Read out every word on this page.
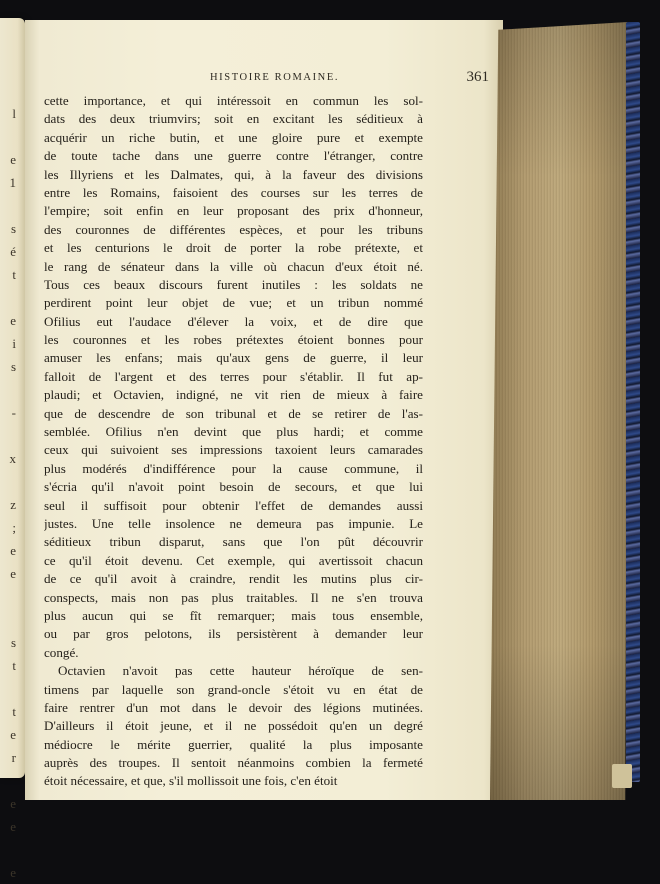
l
e
1
s
é
t
e
i
s
-
x
z
;
e
e
s
t
t
e
r
e
e
e
HISTOIRE ROMAINE.	361
cette importance, et qui intéressoit en commun les sol-
dats des deux triumvirs; soit en excitant les séditieux à
acquérir un riche butin, et une gloire pure et exempte
de toute tache dans une guerre contre l'étranger, contre
les Illyriens et les Dalmates, qui, à la faveur des divisions
entre les Romains, faisoient des courses sur les terres de
l'empire; soit enfin en leur proposant des prix d'honneur,
des couronnes de différentes espèces, et pour les tribuns
et les centurions le droit de porter la robe prétexte, et
le rang de sénateur dans la ville où chacun d'eux étoit né.
Tous ces beaux discours furent inutiles : les soldats ne
perdirent point leur objet de vue; et un tribun nommé
Ofilius eut l'audace d'élever la voix, et de dire que
les couronnes et les robes prétextes étoient bonnes pour
amuser les enfans; mais qu'aux gens de guerre, il leur
falloit de l'argent et des terres pour s'établir. Il fut ap-
plaudi; et Octavien, indigné, ne vit rien de mieux à faire
que de descendre de son tribunal et de se retirer de l'as-
semblée. Ofilius n'en devint que plus hardi; et comme
ceux qui suivoient ses impressions taxoient leurs camarades
plus modérés d'indifférence pour la cause commune, il
s'écria qu'il n'avoit point besoin de secours, et que lui
seul il suffisoit pour obtenir l'effet de demandes aussi
justes. Une telle insolence ne demeura pas impunie. Le
séditieux tribun disparut, sans que l'on pût découvrir
ce qu'il étoit devenu. Cet exemple, qui avertissoit chacun
de ce qu'il avoit à craindre, rendit les mutins plus cir-
conspects, mais non pas plus traitables. Il ne s'en trouva
plus aucun qui se fît remarquer; mais tous ensemble,
ou par gros pelotons, ils persistèrent à demander leur
congé.
Octavien n'avoit pas cette hauteur héroïque de sen-
timens par laquelle son grand-oncle s'étoit vu en état de
faire rentrer d'un mot dans le devoir des légions mutinées.
D'ailleurs il étoit jeune, et il ne possédoit qu'en un degré
médiocre le mérite guerrier, qualité la plus imposante
auprès des troupes. Il sentoit néanmoins combien la fermeté
étoit nécessaire, et que, s'il mollissoit une fois, c'en étoit
